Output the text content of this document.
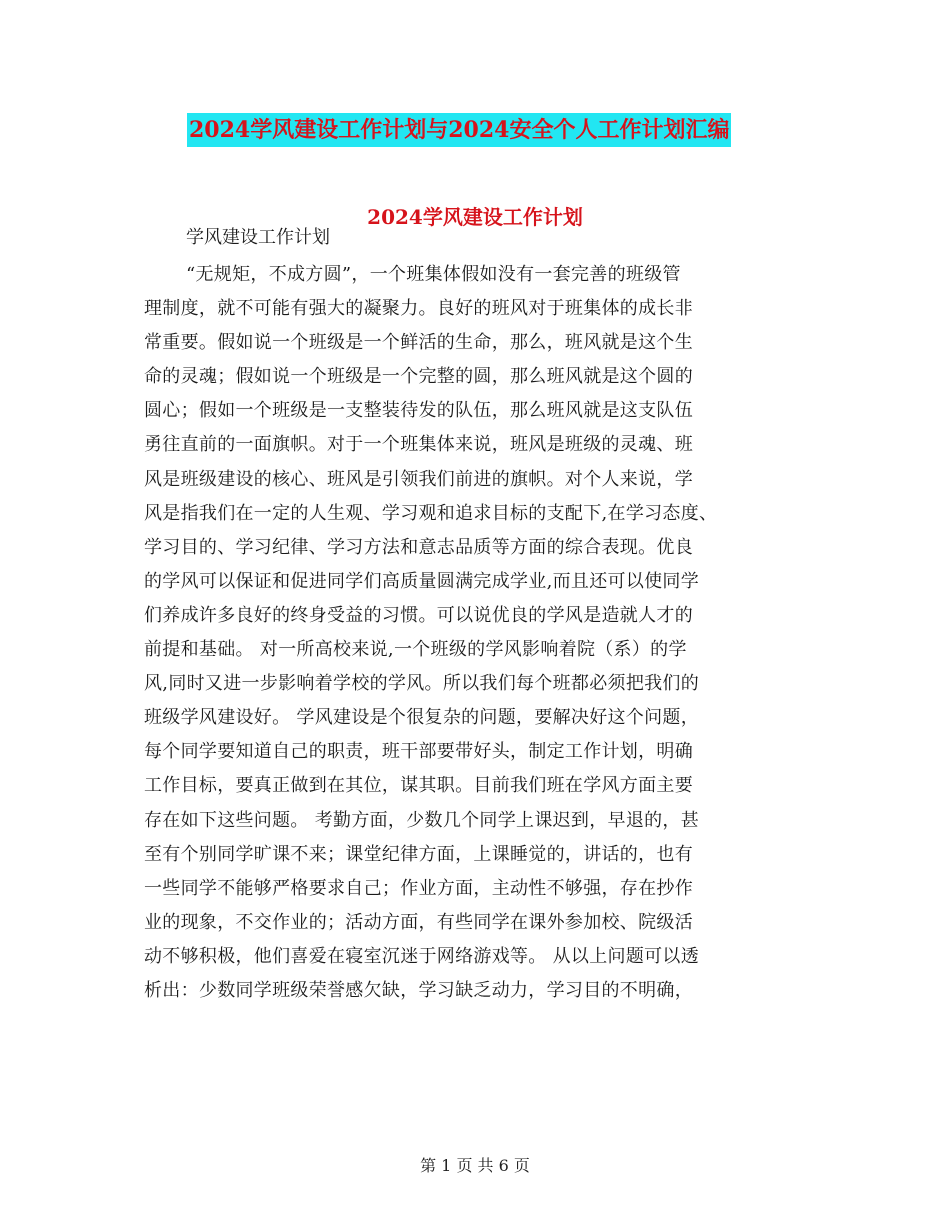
2024学风建设工作计划与2024安全个人工作计划汇编
2024学风建设工作计划
学风建设工作计划
“无规矩，不成方圆”，一个班集体假如没有一套完善的班级管
理制度，就不可能有强大的凝聚力。良好的班风对于班集体的成长非
常重要。假如说一个班级是一个鲜活的生命，那么，班风就是这个生
命的灵魂；假如说一个班级是一个完整的圆，那么班风就是这个圆的
圆心；假如一个班级是一支整装待发的队伍，那么班风就是这支队伍
勇往直前的一面旗帜。对于一个班集体来说，班风是班级的灵魂、班
风是班级建设的核心、班风是引领我们前进的旗帜。对个人来说，学
风是指我们在一定的人生观、学习观和追求目标的支配下,在学习态度、
学习目的、学习纪律、学习方法和意志品质等方面的综合表现。优良
的学风可以保证和促进同学们高质量圆满完成学业,而且还可以使同学
们养成许多良好的终身受益的习惯。可以说优良的学风是造就人才的
前提和基础。 对一所高校来说,一个班级的学风影响着院（系）的学
风,同时又进一步影响着学校的学风。所以我们每个班都必须把我们的
班级学风建设好。 学风建设是个很复杂的问题，要解决好这个问题，
每个同学要知道自己的职责，班干部要带好头，制定工作计划，明确
工作目标，要真正做到在其位，谋其职。目前我们班在学风方面主要
存在如下这些问题。 考勤方面，少数几个同学上课迟到，早退的，甚
至有个别同学旷课不来；课堂纪律方面，上课睡觉的，讲话的，也有
一些同学不能够严格要求自己；作业方面，主动性不够强，存在抄作
业的现象，不交作业的；活动方面，有些同学在课外参加校、院级活
动不够积极，他们喜爱在寝室沉迷于网络游戏等。 从以上问题可以透
析出：少数同学班级荣誉感欠缺，学习缺乏动力，学习目的不明确，
第 1 页 共 6 页
